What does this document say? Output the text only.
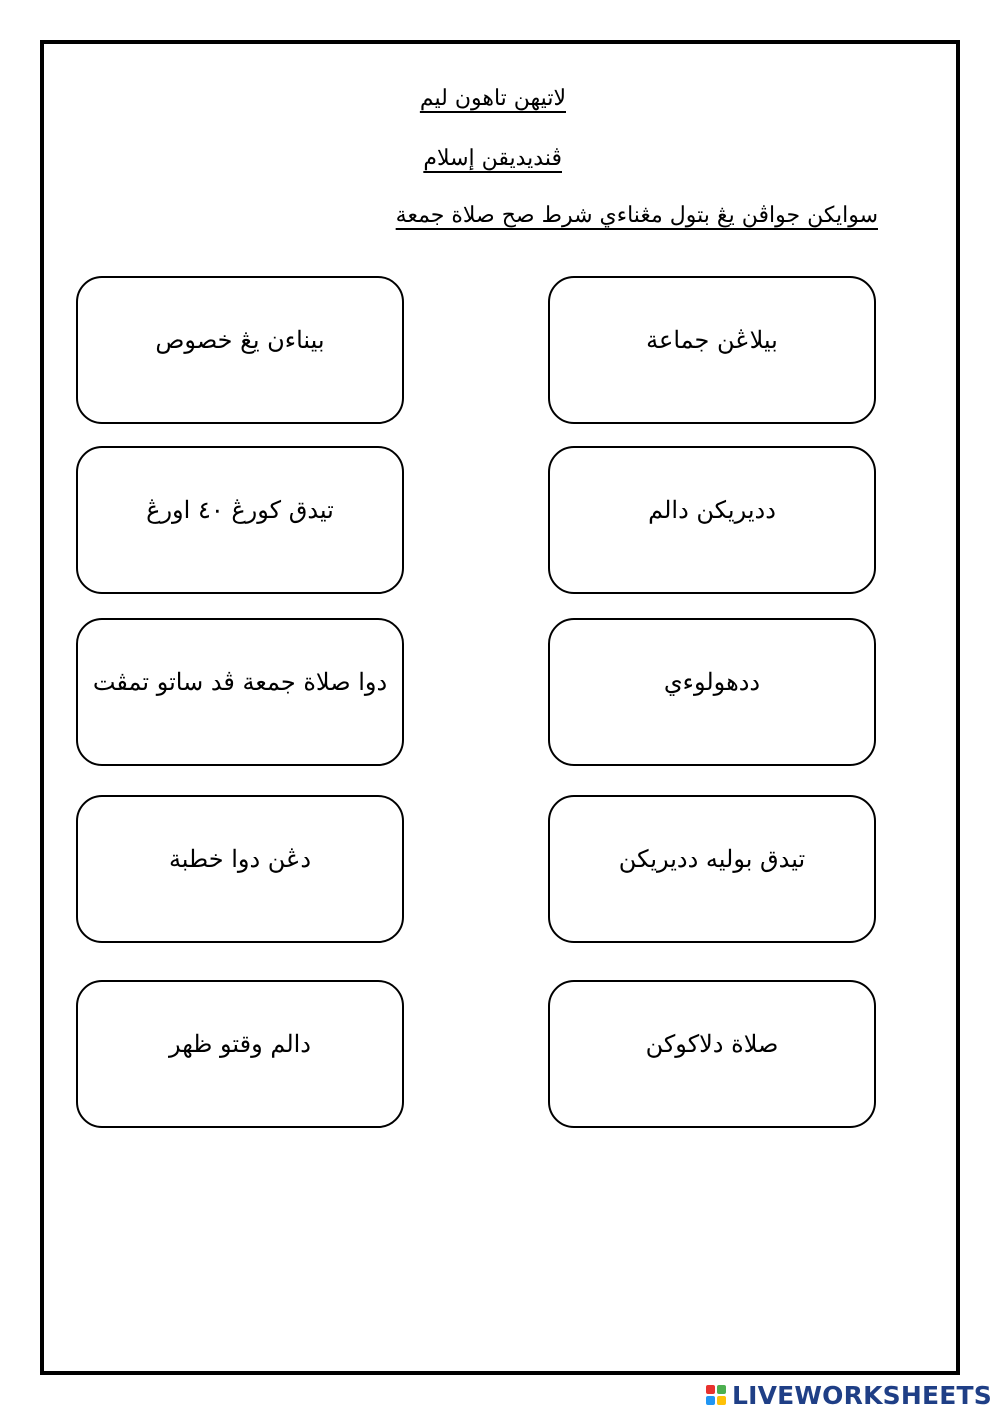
لاتيهن تاهون ليم
ڤنديديقن إسلام
سوايكن جواڤن يڠ بتول مڠناءي شرط صح صلاة جمعة
بيناءن يڠ خصوص
تيدق كورڠ ٤٠ اورڠ
دوا صلاة جمعة ڤد ساتو تمڤت
دڠن دوا خطبة
دالم وقتو ظهر
بيلاڠن جماعة
دديريكن دالم
ددهولوءي
تيدق بوليه دديريكن
صلاة دلاكوكن
LIVEWORKSHEETS
